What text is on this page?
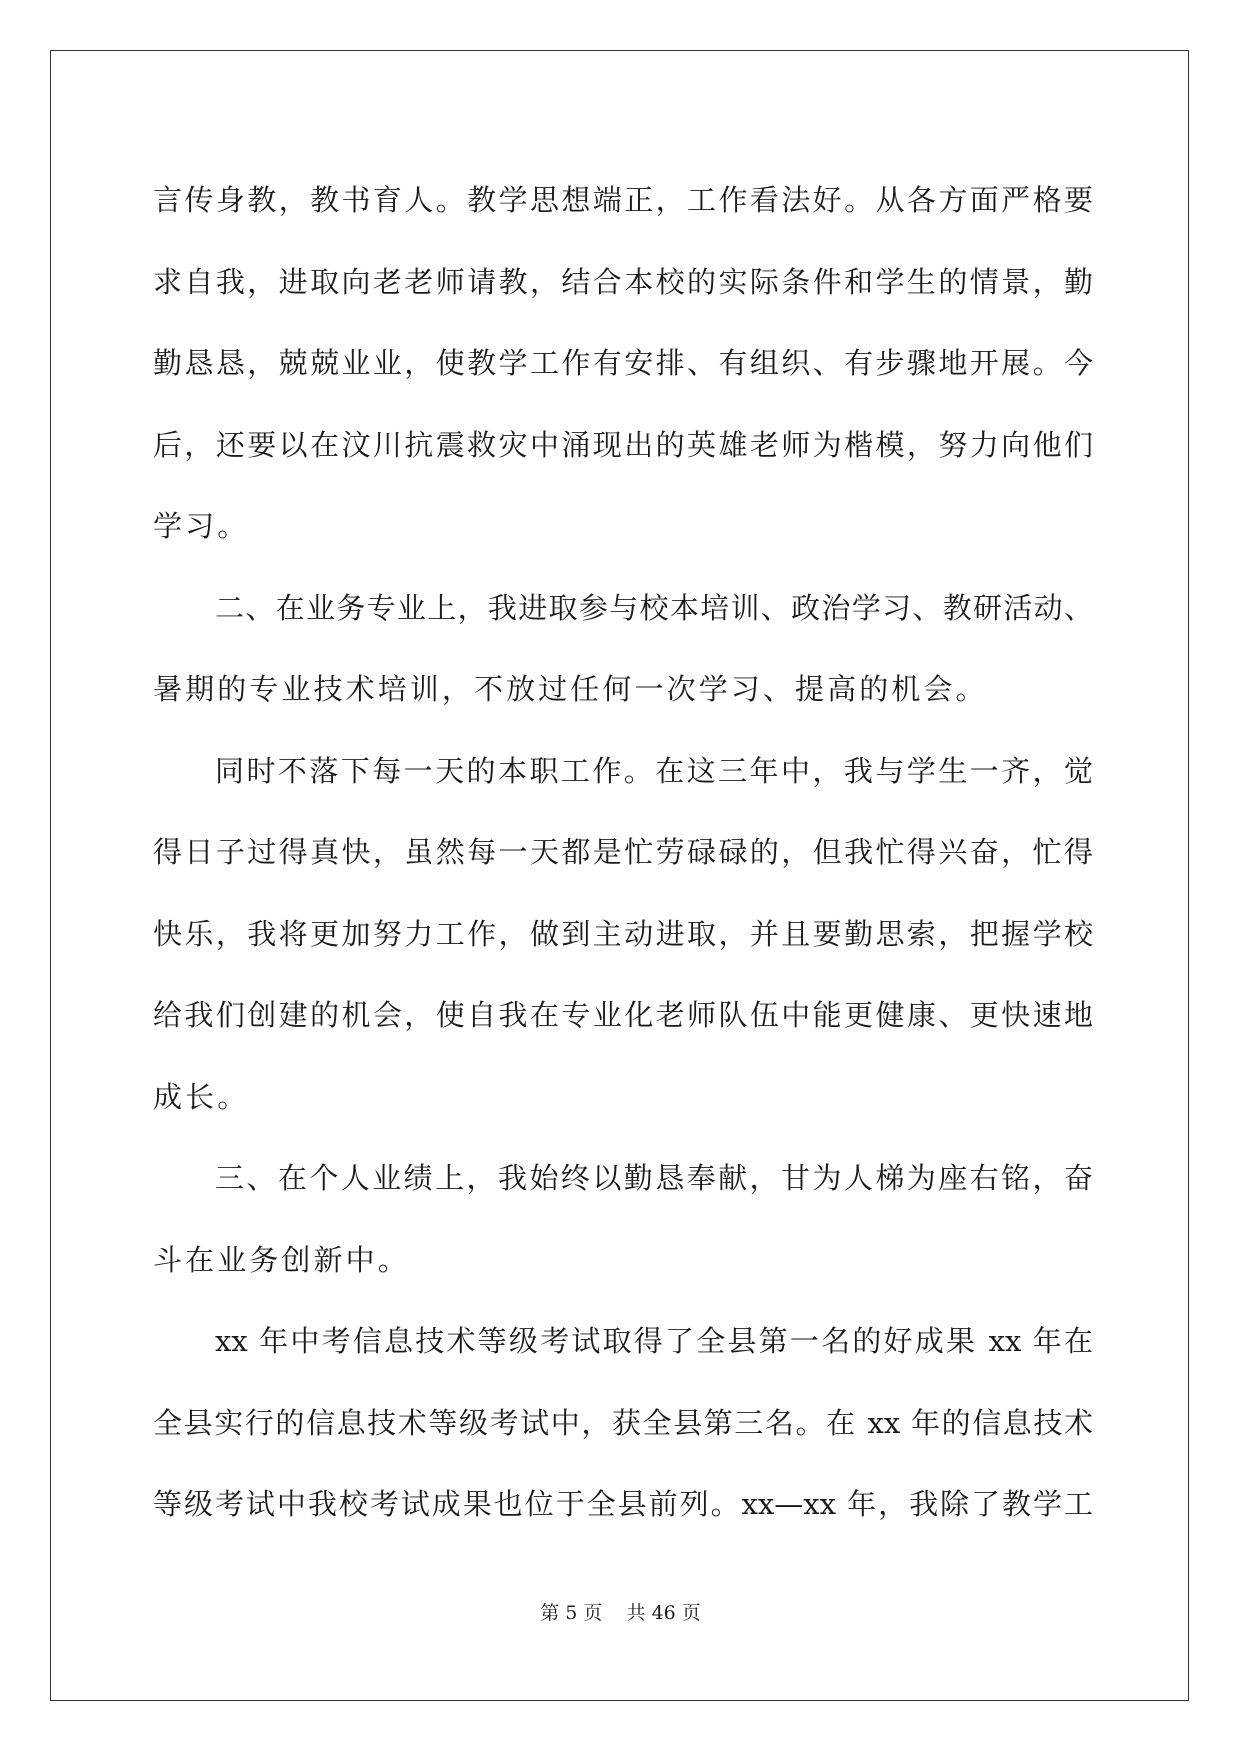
言传身教，教书育人。教学思想端正，工作看法好。从各方面严格要
求自我，进取向老老师请教，结合本校的实际条件和学生的情景，勤
勤恳恳，兢兢业业，使教学工作有安排、有组织、有步骤地开展。今
后，还要以在汶川抗震救灾中涌现出的英雄老师为楷模，努力向他们
学习。
二、在业务专业上，我进取参与校本培训、政治学习、教研活动、
暑期的专业技术培训，不放过任何一次学习、提高的机会。
同时不落下每一天的本职工作。在这三年中，我与学生一齐，觉
得日子过得真快，虽然每一天都是忙劳碌碌的，但我忙得兴奋，忙得
快乐，我将更加努力工作，做到主动进取，并且要勤思索，把握学校
给我们创建的机会，使自我在专业化老师队伍中能更健康、更快速地
成长。
三、在个人业绩上，我始终以勤恳奉献，甘为人梯为座右铭，奋
斗在业务创新中。
xx 年中考信息技术等级考试取得了全县第一名的好成果 xx 年在
全县实行的信息技术等级考试中，获全县第三名。在 xx 年的信息技术
等级考试中我校考试成果也位于全县前列。xx—xx 年，我除了教学工
第 5 页 共 46 页
